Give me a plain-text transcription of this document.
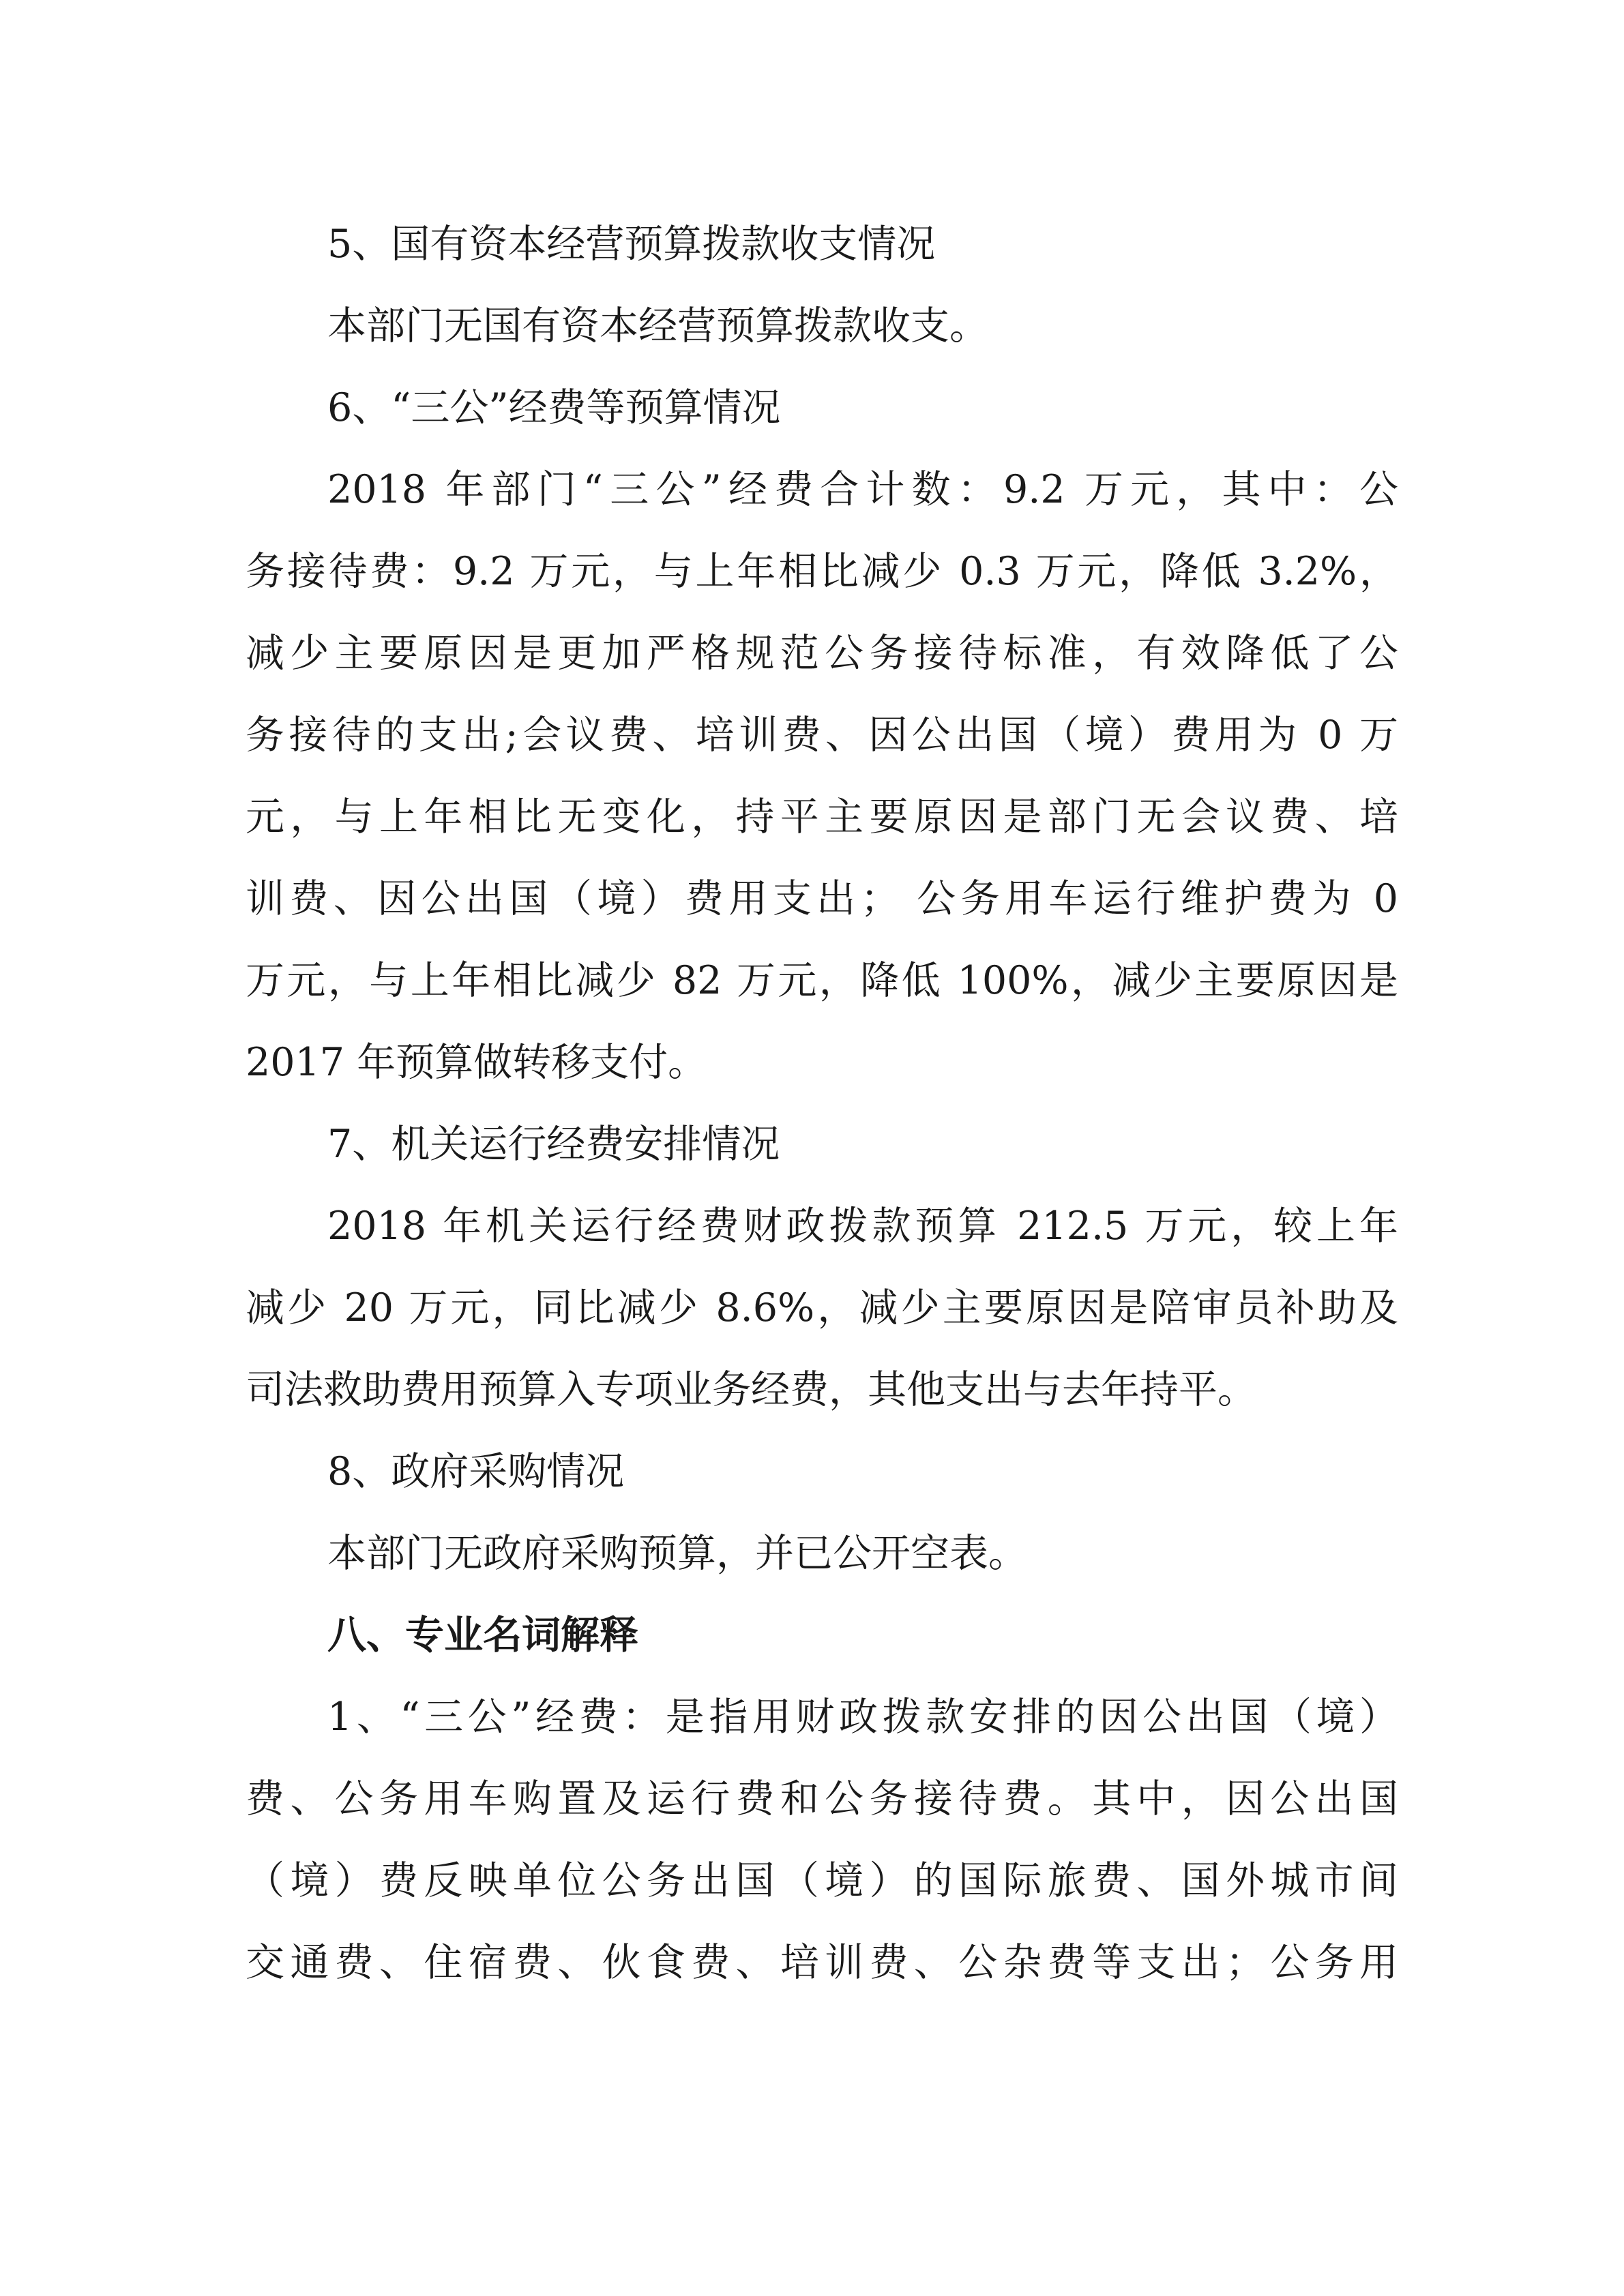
5、国有资本经营预算拨款收支情况
本部门无国有资本经营预算拨款收支。
6、“三公”经费等预算情况
2018 年部门“三公”经费合计数：9.2 万元，其中：公
务接待费：9.2 万元，与上年相比减少 0.3 万元，降低 3.2%，
减少主要原因是更加严格规范公务接待标准，有效降低了公
务接待的支出;会议费、培训费、因公出国（境）费用为 0 万
元，与上年相比无变化，持平主要原因是部门无会议费、培
训费、因公出国（境）费用支出； 公务用车运行维护费为 0
万元，与上年相比减少 82 万元，降低 100%，减少主要原因是
2017 年预算做转移支付。
7、机关运行经费安排情况
2018 年机关运行经费财政拨款预算 212.5 万元，较上年
减少 20 万元，同比减少 8.6%，减少主要原因是陪审员补助及
司法救助费用预算入专项业务经费，其他支出与去年持平。
8、政府采购情况
本部门无政府采购预算，并已公开空表。
八、专业名词解释
1、“三公”经费：是指用财政拨款安排的因公出国（境）
费、公务用车购置及运行费和公务接待费。其中，因公出国
（境）费反映单位公务出国（境）的国际旅费、国外城市间
交通费、住宿费、伙食费、培训费、公杂费等支出；公务用
